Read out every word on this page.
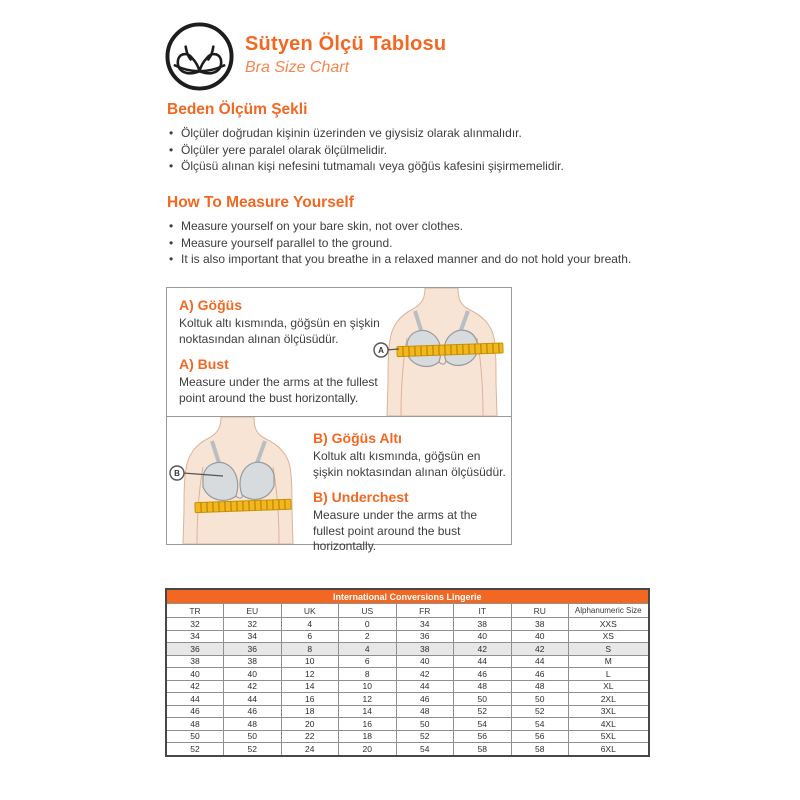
Sütyen Ölçü Tablosu
Bra Size Chart
Beden Ölçüm Şekli
• Ölçüler doğrudan kişinin üzerinden ve giysisiz olarak alınmalıdır.
• Ölçüler yere paralel olarak ölçülmelidir.
• Ölçüsü alınan kişi nefesini tutmamalı veya göğüs kafesini şişirmemelidir.
How To Measure Yourself
• Measure yourself on your bare skin, not over clothes.
• Measure yourself parallel to the ground.
• It is also important that you breathe in a relaxed manner and do not hold your breath.
A) Göğüs

Koltuk altı kısmında, göğsün en şişkin noktasından alınan ölçüsüdür.

A) Bust

Measure under the arms at the fullest point around the bust horizontally.

A
B
B) Göğüs Altı

Koltuk altı kısmında, göğsün en şişkin noktasından alınan ölçüsüdür.

B) Underchest

Measure under the arms at the fullest point around the bust horizontally.

International Conversions Lingerie							
TR	EU	UK	US	FR	IT	RU	Alphanumeric Size
32	32	4	0	34	38	38	XXS
34	34	6	2	36	40	40	XS
36	36	8	4	38	42	42	S
38	38	10	6	40	44	44	M
40	40	12	8	42	46	46	L
42	42	14	10	44	48	48	XL
44	44	16	12	46	50	50	2XL
46	46	18	14	48	52	52	3XL
48	48	20	16	50	54	54	4XL
50	50	22	18	52	56	56	5XL
52	52	24	20	54	58	58	6XL
